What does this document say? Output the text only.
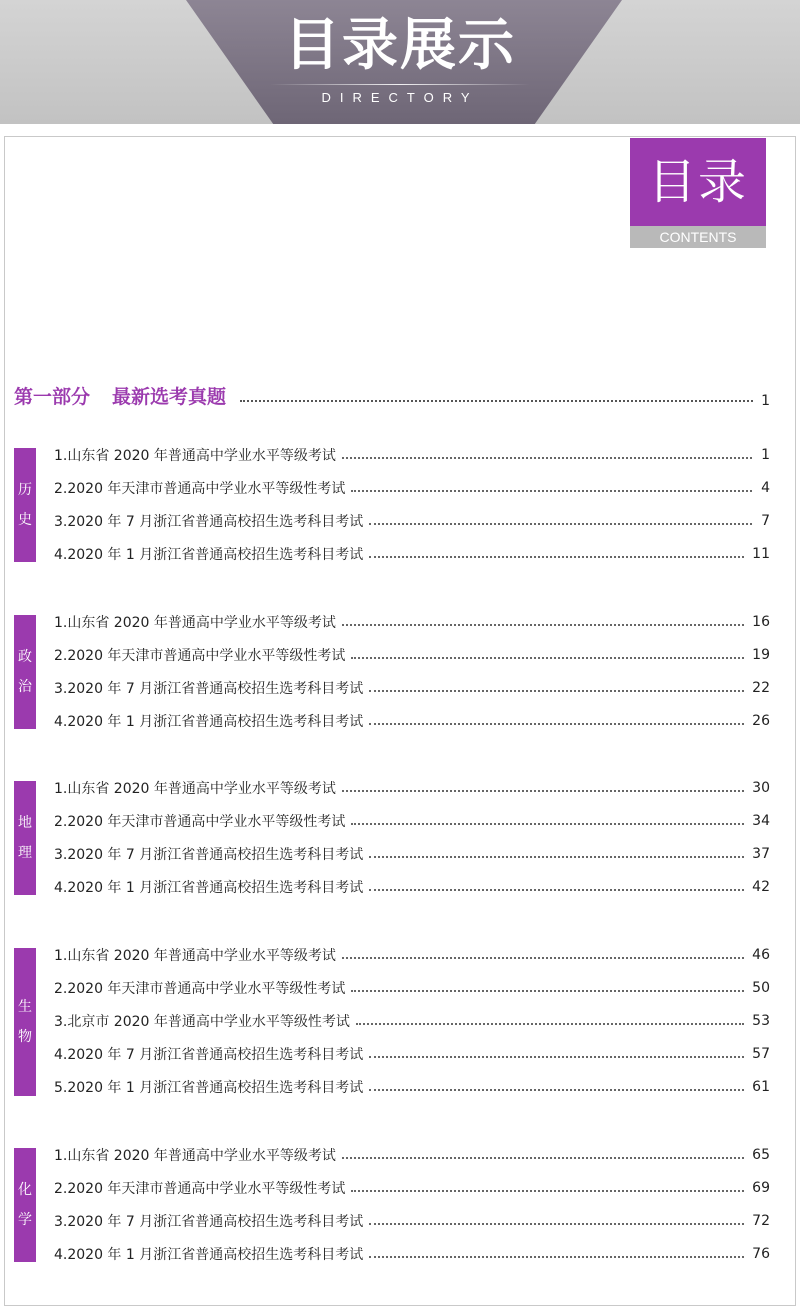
目录展示
DIRECTORY
目录
CONTENTS
第一部分 最新选考真题	1
历
史
1.山东省 2020 年普通高中学业水平等级考试	1
2.2020 年天津市普通高中学业水平等级性考试	4
3.2020 年 7 月浙江省普通高校招生选考科目考试	7
4.2020 年 1 月浙江省普通高校招生选考科目考试	11
政
治
1.山东省 2020 年普通高中学业水平等级考试	16
2.2020 年天津市普通高中学业水平等级性考试	19
3.2020 年 7 月浙江省普通高校招生选考科目考试	22
4.2020 年 1 月浙江省普通高校招生选考科目考试	26
地
理
1.山东省 2020 年普通高中学业水平等级考试	30
2.2020 年天津市普通高中学业水平等级性考试	34
3.2020 年 7 月浙江省普通高校招生选考科目考试	37
4.2020 年 1 月浙江省普通高校招生选考科目考试	42
生
物
1.山东省 2020 年普通高中学业水平等级考试	46
2.2020 年天津市普通高中学业水平等级性考试	50
3.北京市 2020 年普通高中学业水平等级性考试	53
4.2020 年 7 月浙江省普通高校招生选考科目考试	57
5.2020 年 1 月浙江省普通高校招生选考科目考试	61
化
学
1.山东省 2020 年普通高中学业水平等级考试	65
2.2020 年天津市普通高中学业水平等级性考试	69
3.2020 年 7 月浙江省普通高校招生选考科目考试	72
4.2020 年 1 月浙江省普通高校招生选考科目考试	76
